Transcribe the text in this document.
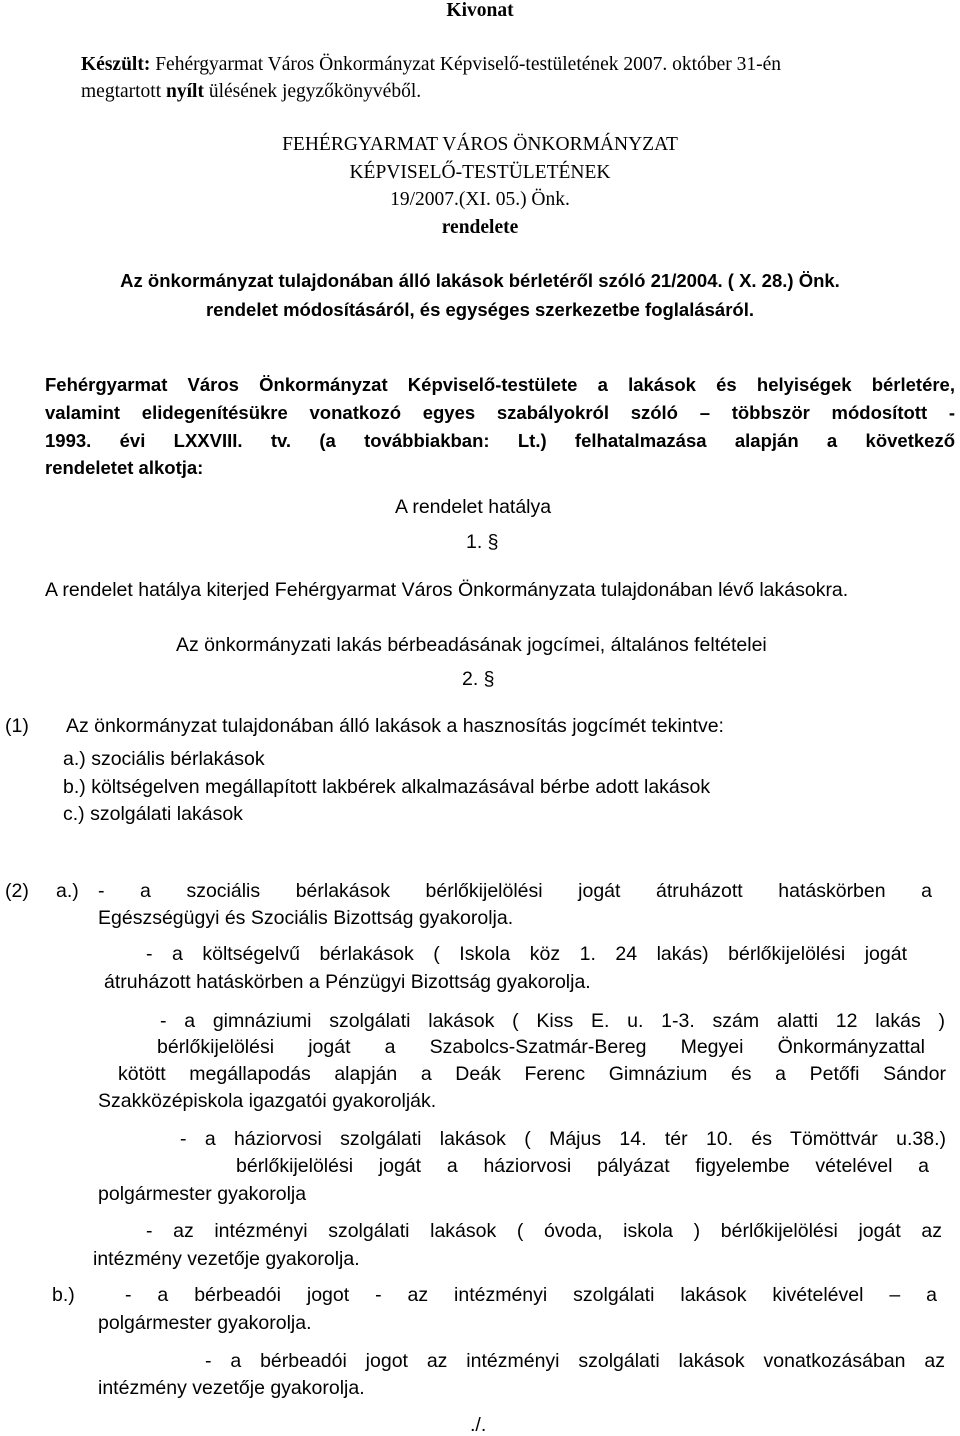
Kivonat
Készült: Fehérgyarmat Város Önkormányzat Képviselő-testületének 2007. október 31-én
megtartott nyílt ülésének jegyzőkönyvéből.
FEHÉRGYARMAT VÁROS ÖNKORMÁNYZAT
KÉPVISELŐ-TESTÜLETÉNEK
19/2007.(XI. 05.) Önk.
rendelete
Az önkormányzat tulajdonában álló lakások bérletéről szóló 21/2004. ( X. 28.) Önk.
rendelet módosításáról, és egységes szerkezetbe foglalásáról.
Fehérgyarmat Város Önkormányzat Képviselő-testülete a lakások és helyiségek bérletére,
valamint elidegenítésükre vonatkozó egyes szabályokról szóló – többször módosított -
1993. évi LXXVIII. tv. (a továbbiakban: Lt.) felhatalmazása alapján a következő
rendeletet alkotja:
A rendelet hatálya
1. §
A rendelet hatálya kiterjed Fehérgyarmat Város Önkormányzata tulajdonában lévő lakásokra.
Az önkormányzati lakás bérbeadásának jogcímei, általános feltételei
2. §
(1) Az önkormányzat tulajdonában álló lakások a hasznosítás jogcímét tekintve:
a.) szociális bérlakások
b.) költségelven megállapított lakbérek alkalmazásával bérbe adott lakások
c.) szolgálati lakások
(2) a.) - a szociális bérlakások bérlőkijelölési jogát átruházott hatáskörben a
Egészségügyi és Szociális Bizottság gyakorolja.
- a költségelvű bérlakások ( Iskola köz 1. 24 lakás) bérlőkijelölési jogát
átruházott hatáskörben a Pénzügyi Bizottság gyakorolja.
- a gimnáziumi szolgálati lakások ( Kiss E. u. 1-3. szám alatti 12 lakás )
bérlőkijelölési jogát a Szabolcs-Szatmár-Bereg Megyei Önkormányzattal
kötött megállapodás alapján a Deák Ferenc Gimnázium és a Petőfi Sándor
Szakközépiskola igazgatói gyakorolják.
- a háziorvosi szolgálati lakások ( Május 14. tér 10. és Tömöttvár u.38.)
bérlőkijelölési jogát a háziorvosi pályázat figyelembe vételével a
polgármester gyakorolja
- az intézményi szolgálati lakások ( óvoda, iskola ) bérlőkijelölési jogát az
intézmény vezetője gyakorolja.
b.)	- a bérbeadói jogot - az intézményi szolgálati lakások kivételével – a
polgármester gyakorolja.
- a bérbeadói jogot az intézményi szolgálati lakások vonatkozásában az
intézmény vezetője gyakorolja.
./.
